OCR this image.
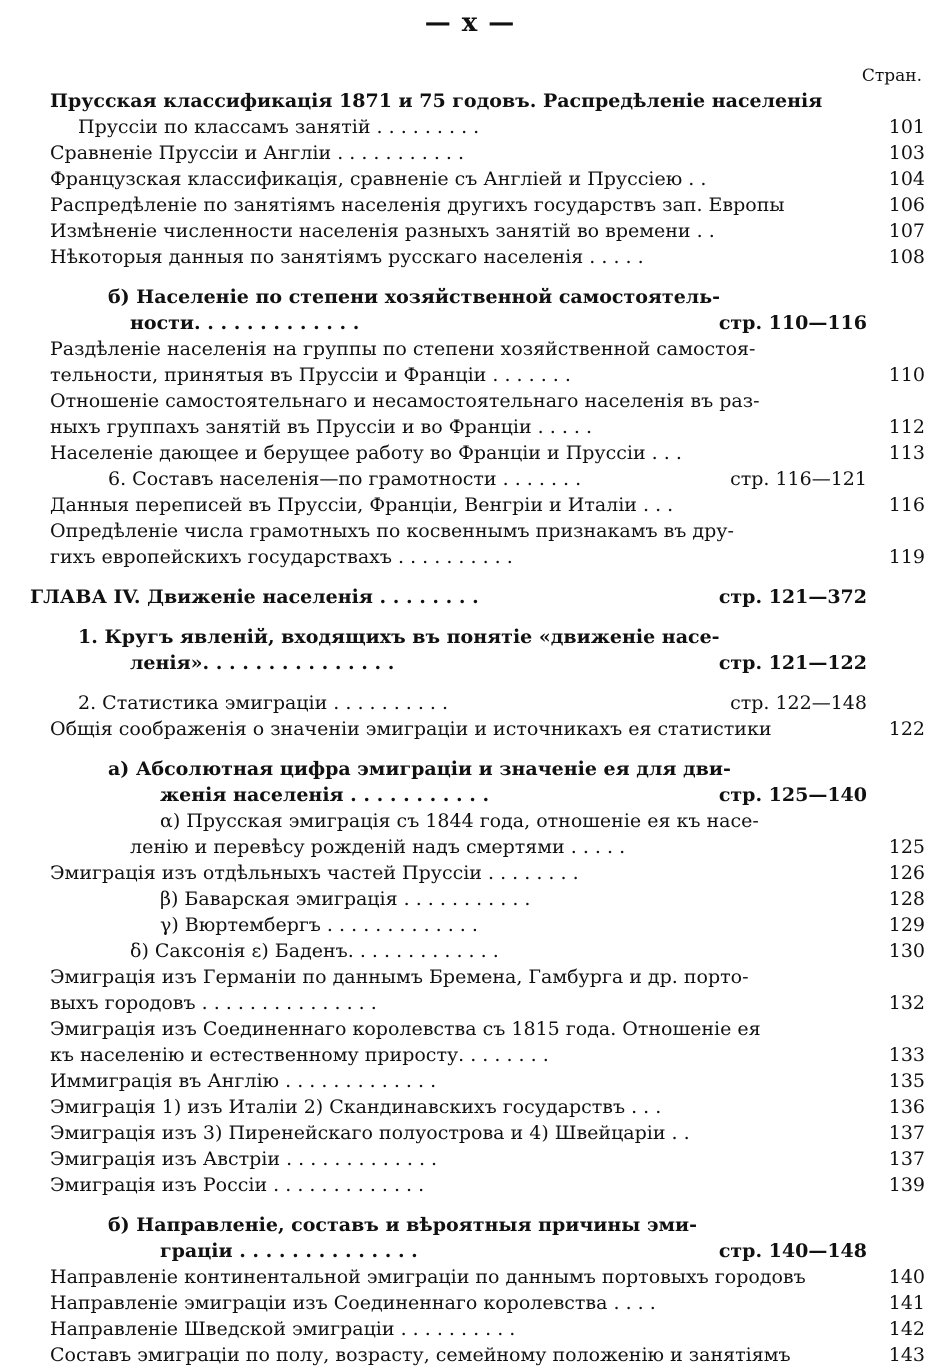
— x —
Стран.
Прусская классификація 1871 и 75 годовъ. Распредѣленіе населенія
Пруссіи по классамъ занятій . . . . . . . . .	101
Сравненіе Пруссіи и Англіи . . . . . . . . . . .	103
Французская классификація, сравненіе съ Англіей и Пруссіею . .	104
Распредѣленіе по занятіямъ населенія другихъ государствъ зап. Европы	106
Измѣненіе численности населенія разныхъ занятій во времени . .	107
Нѣкоторыя данныя по занятіямъ русскаго населенія . . . . .	108
б) Населеніе по степени хозяйственной самостоятель-
ности. . . . . . . . . . . . .	стр. 110—116
Раздѣленіе населенія на группы по степени хозяйственной самостоя-
тельности, принятыя въ Пруссіи и Франціи . . . . . . .	110
Отношеніе самостоятельнаго и несамостоятельнаго населенія въ раз-
ныхъ группахъ занятій въ Пруссіи и во Франціи . . . . .	112
Населеніе дающее и берущее работу во Франціи и Пруссіи . . .	113
6. Составъ населенія—по грамотности . . . . . . .	стр. 116—121
Данныя переписей въ Пруссіи, Франціи, Венгріи и Италіи . . .	116
Опредѣленіе числа грамотныхъ по косвеннымъ признакамъ въ дру-
гихъ европейскихъ государствахъ . . . . . . . . . .	119
ГЛАВА IV. Движеніе населенія . . . . . . . .	стр. 121—372
1. Кругъ явленій, входящихъ въ понятіе «движеніе насе-
ленія». . . . . . . . . . . . . . .	стр. 121—122
2. Статистика эмиграціи . . . . . . . . . .	стр. 122—148
Общія соображенія о значеніи эмиграціи и источникахъ ея статистики	122
а) Абсолютная цифра эмиграціи и значеніе ея для дви-
женія населенія . . . . . . . . . . .	стр. 125—140
α) Прусская эмиграція съ 1844 года, отношеніе ея къ насе-
ленію и перевѣсу рожденій надъ смертями . . . . .	125
Эмиграція изъ отдѣльныхъ частей Пруссіи . . . . . . . .	126
β) Баварская эмиграція . . . . . . . . . . .	128
γ) Вюртембергъ . . . . . . . . . . . . .	129
δ) Саксонія ε) Баденъ. . . . . . . . . . . . .	130
Эмиграція изъ Германіи по даннымъ Бремена, Гамбурга и др. порто-
выхъ городовъ . . . . . . . . . . . . . . .	132
Эмиграція изъ Соединеннаго королевства съ 1815 года. Отношеніе ея
къ населенію и естественному приросту. . . . . . . .	133
Иммиграція въ Англію . . . . . . . . . . . . .	135
Эмиграція 1) изъ Италіи 2) Скандинавскихъ государствъ . . .	136
Эмиграція изъ 3) Пиренейскаго полуострова и 4) Швейцаріи . .	137
Эмиграція изъ Австріи . . . . . . . . . . . . .	137
Эмиграція изъ Россіи . . . . . . . . . . . . .	139
б) Направленіе, составъ и вѣроятныя причины эми-
граціи . . . . . . . . . . . . . .	стр. 140—148
Направленіе континентальной эмиграціи по даннымъ портовыхъ городовъ	140
Направленіе эмиграціи изъ Соединеннаго королевства . . . .	141
Направленіе Шведской эмиграціи . . . . . . . . . .	142
Составъ эмиграціи по полу, возрасту, семейному положенію и занятіямъ	143
